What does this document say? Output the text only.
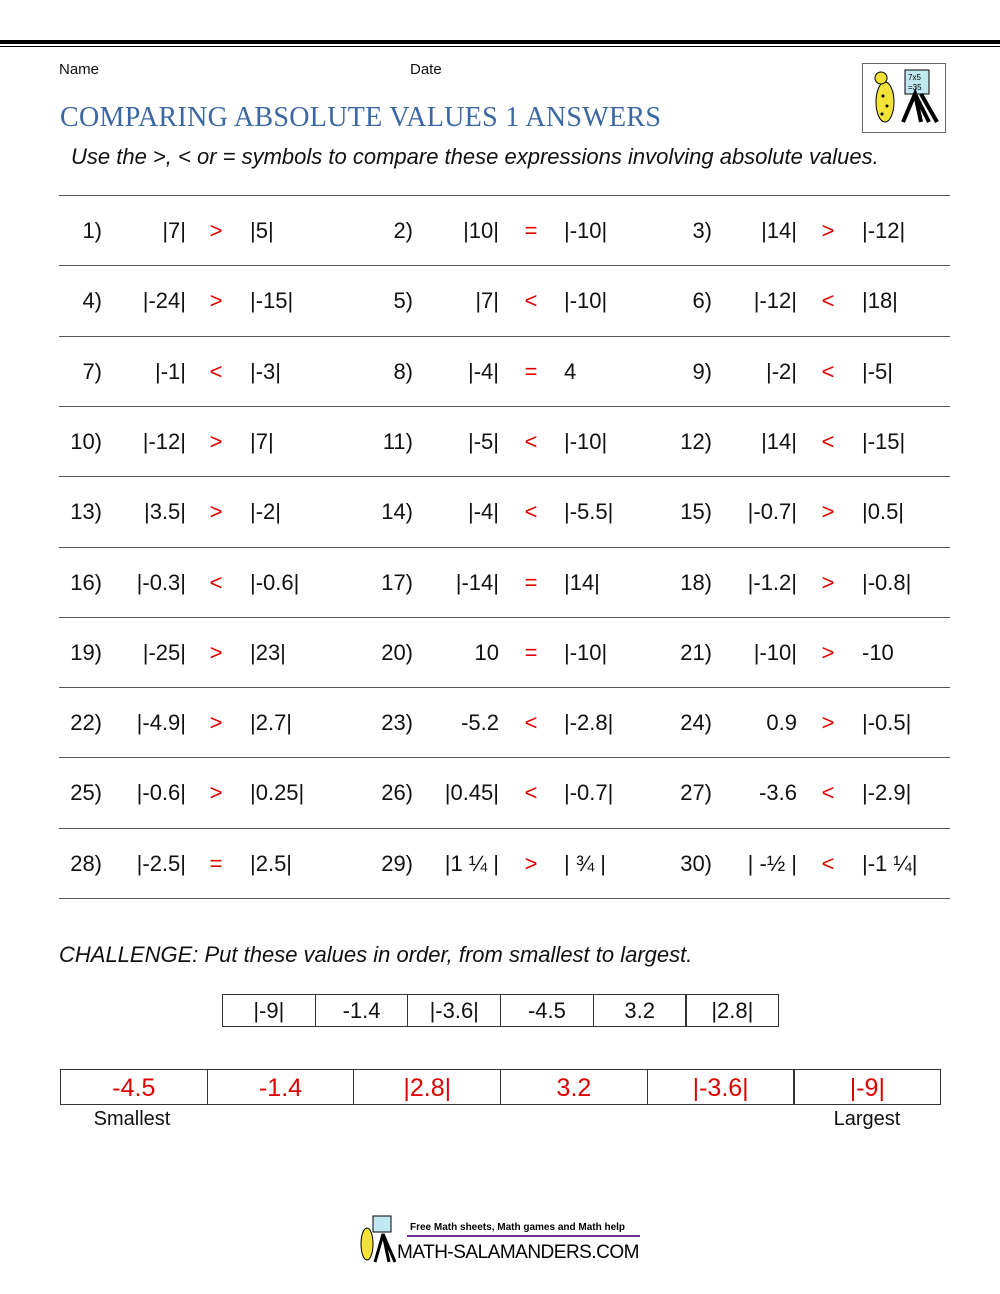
Name	Date
COMPARING ABSOLUTE VALUES 1 ANSWERS
Use the >, < or = symbols to compare these expressions involving absolute values.
7x5
=35
1)	|7|	>	|5|	2)	|10|	=	|-10|	3)	|14|	>	|-12|
4)	|-24|	>	|-15|	5)	|7|	<	|-10|	6)	|-12|	<	|18|
7)	|-1|	<	|-3|	8)	|-4|	=	4	9)	|-2|	<	|-5|
10)	|-12|	>	|7|	11)	|-5|	<	|-10|	12)	|14|	<	|-15|
13)	|3.5|	>	|-2|	14)	|-4|	<	|-5.5|	15)	|-0.7|	>	|0.5|
16)	|-0.3|	<	|-0.6|	17)	|-14|	=	|14|	18)	|-1.2|	>	|-0.8|
19)	|-25|	>	|23|	20)	10	=	|-10|	21)	|-10|	>	-10
22)	|-4.9|	>	|2.7|	23)	-5.2	<	|-2.8|	24)	0.9	>	|-0.5|
25)	|-0.6|	>	|0.25|	26)	|0.45|	<	|-0.7|	27)	-3.6	<	|-2.9|
28)	|-2.5|	=	|2.5|	29)	|1 ¼ |	>	| ¾ |	30)	| -½ |	<	|-1 ¼|
CHALLENGE: Put these values in order, from smallest to largest.
|-9|	-1.4	|-3.6|	-4.5	3.2	|2.8|
-4.5	-1.4	|2.8|	3.2	|-3.6|	|-9|
Smallest	Largest
Free Math sheets, Math games and Math help
MATH-SALAMANDERS.COM
